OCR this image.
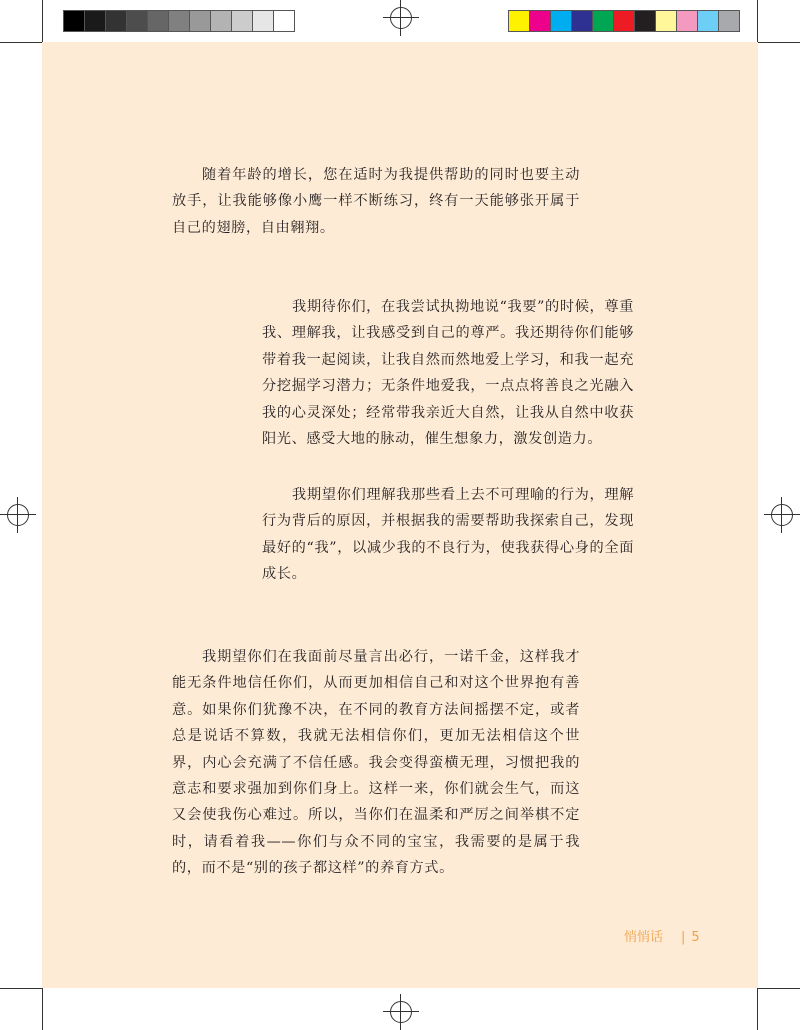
随着年龄的增长，您在适时为我提供帮助的同时也要主动放手，让我能够像小鹰一样不断练习，终有一天能够张开属于自己的翅膀，自由翱翔。

我期待你们，在我尝试执拗地说“我要”的时候，尊重我、理解我，让我感受到自己的尊严。我还期待你们能够带着我一起阅读，让我自然而然地爱上学习，和我一起充分挖掘学习潜力；无条件地爱我，一点点将善良之光融入我的心灵深处；经常带我亲近大自然，让我从自然中收获阳光、感受大地的脉动，催生想象力，激发创造力。

我期望你们理解我那些看上去不可理喻的行为，理解行为背后的原因，并根据我的需要帮助我探索自己，发现最好的“我”，以减少我的不良行为，使我获得心身的全面成长。

我期望你们在我面前尽量言出必行，一诺千金，这样我才能无条件地信任你们，从而更加相信自己和对这个世界抱有善意。如果你们犹豫不决，在不同的教育方法间摇摆不定，或者总是说话不算数，我就无法相信你们，更加无法相信这个世界，内心会充满了不信任感。我会变得蛮横无理，习惯把我的意志和要求强加到你们身上。这样一来，你们就会生气，而这又会使我伤心难过。所以，当你们在温柔和严厉之间举棋不定时，请看着我——你们与众不同的宝宝，我需要的是属于我的，而不是“别的孩子都这样”的养育方式。

悄悄话 | 5
